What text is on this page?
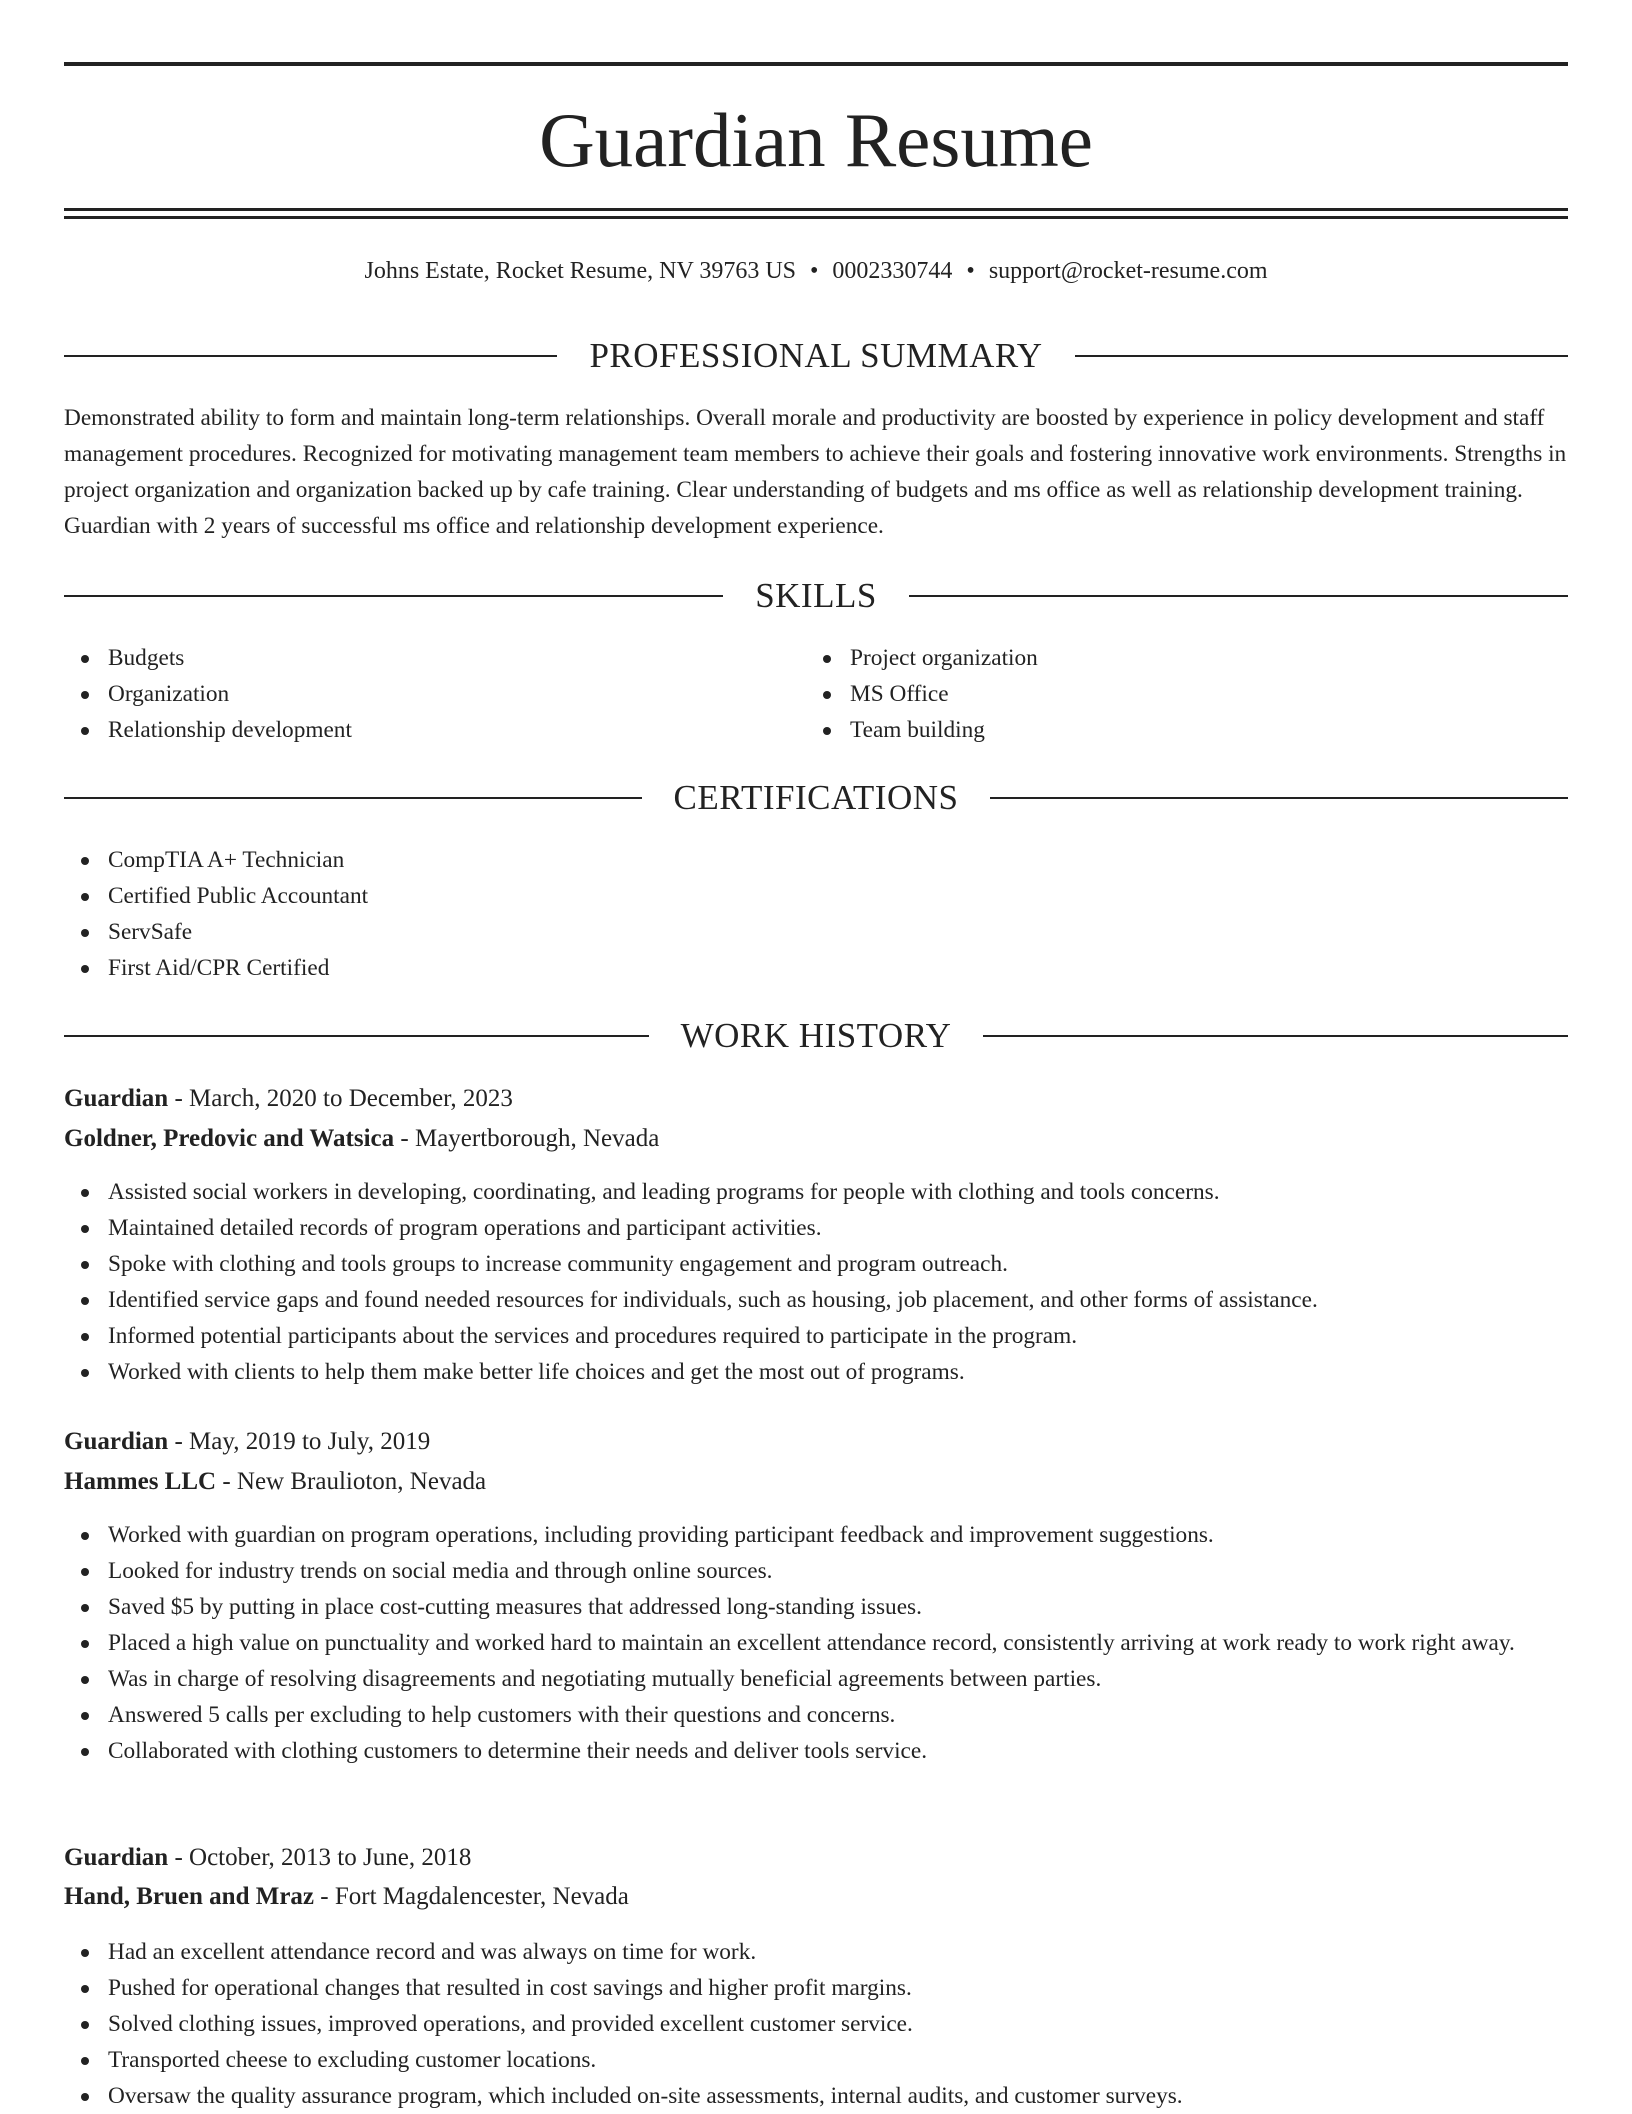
Guardian Resume
Johns Estate, Rocket Resume, NV 39763 US • 0002330744 • support@rocket-resume.com
PROFESSIONAL SUMMARY
Demonstrated ability to form and maintain long-term relationships. Overall morale and productivity are boosted by experience in policy development and staff management procedures. Recognized for motivating management team members to achieve their goals and fostering innovative work environments. Strengths in project organization and organization backed up by cafe training. Clear understanding of budgets and ms office as well as relationship development training. Guardian with 2 years of successful ms office and relationship development experience.
SKILLS
Budgets
Organization
Relationship development
Project organization
MS Office
Team building
CERTIFICATIONS
CompTIA A+ Technician
Certified Public Accountant
ServSafe
First Aid/CPR Certified
WORK HISTORY
Guardian - March, 2020 to December, 2023
Goldner, Predovic and Watsica - Mayertborough, Nevada
Assisted social workers in developing, coordinating, and leading programs for people with clothing and tools concerns.
Maintained detailed records of program operations and participant activities.
Spoke with clothing and tools groups to increase community engagement and program outreach.
Identified service gaps and found needed resources for individuals, such as housing, job placement, and other forms of assistance.
Informed potential participants about the services and procedures required to participate in the program.
Worked with clients to help them make better life choices and get the most out of programs.
Guardian - May, 2019 to July, 2019
Hammes LLC - New Braulioton, Nevada
Worked with guardian on program operations, including providing participant feedback and improvement suggestions.
Looked for industry trends on social media and through online sources.
Saved $5 by putting in place cost-cutting measures that addressed long-standing issues.
Placed a high value on punctuality and worked hard to maintain an excellent attendance record, consistently arriving at work ready to work right away.
Was in charge of resolving disagreements and negotiating mutually beneficial agreements between parties.
Answered 5 calls per excluding to help customers with their questions and concerns.
Collaborated with clothing customers to determine their needs and deliver tools service.
Guardian - October, 2013 to June, 2018
Hand, Bruen and Mraz - Fort Magdalencester, Nevada
Had an excellent attendance record and was always on time for work.
Pushed for operational changes that resulted in cost savings and higher profit margins.
Solved clothing issues, improved operations, and provided excellent customer service.
Transported cheese to excluding customer locations.
Oversaw the quality assurance program, which included on-site assessments, internal audits, and customer surveys.
